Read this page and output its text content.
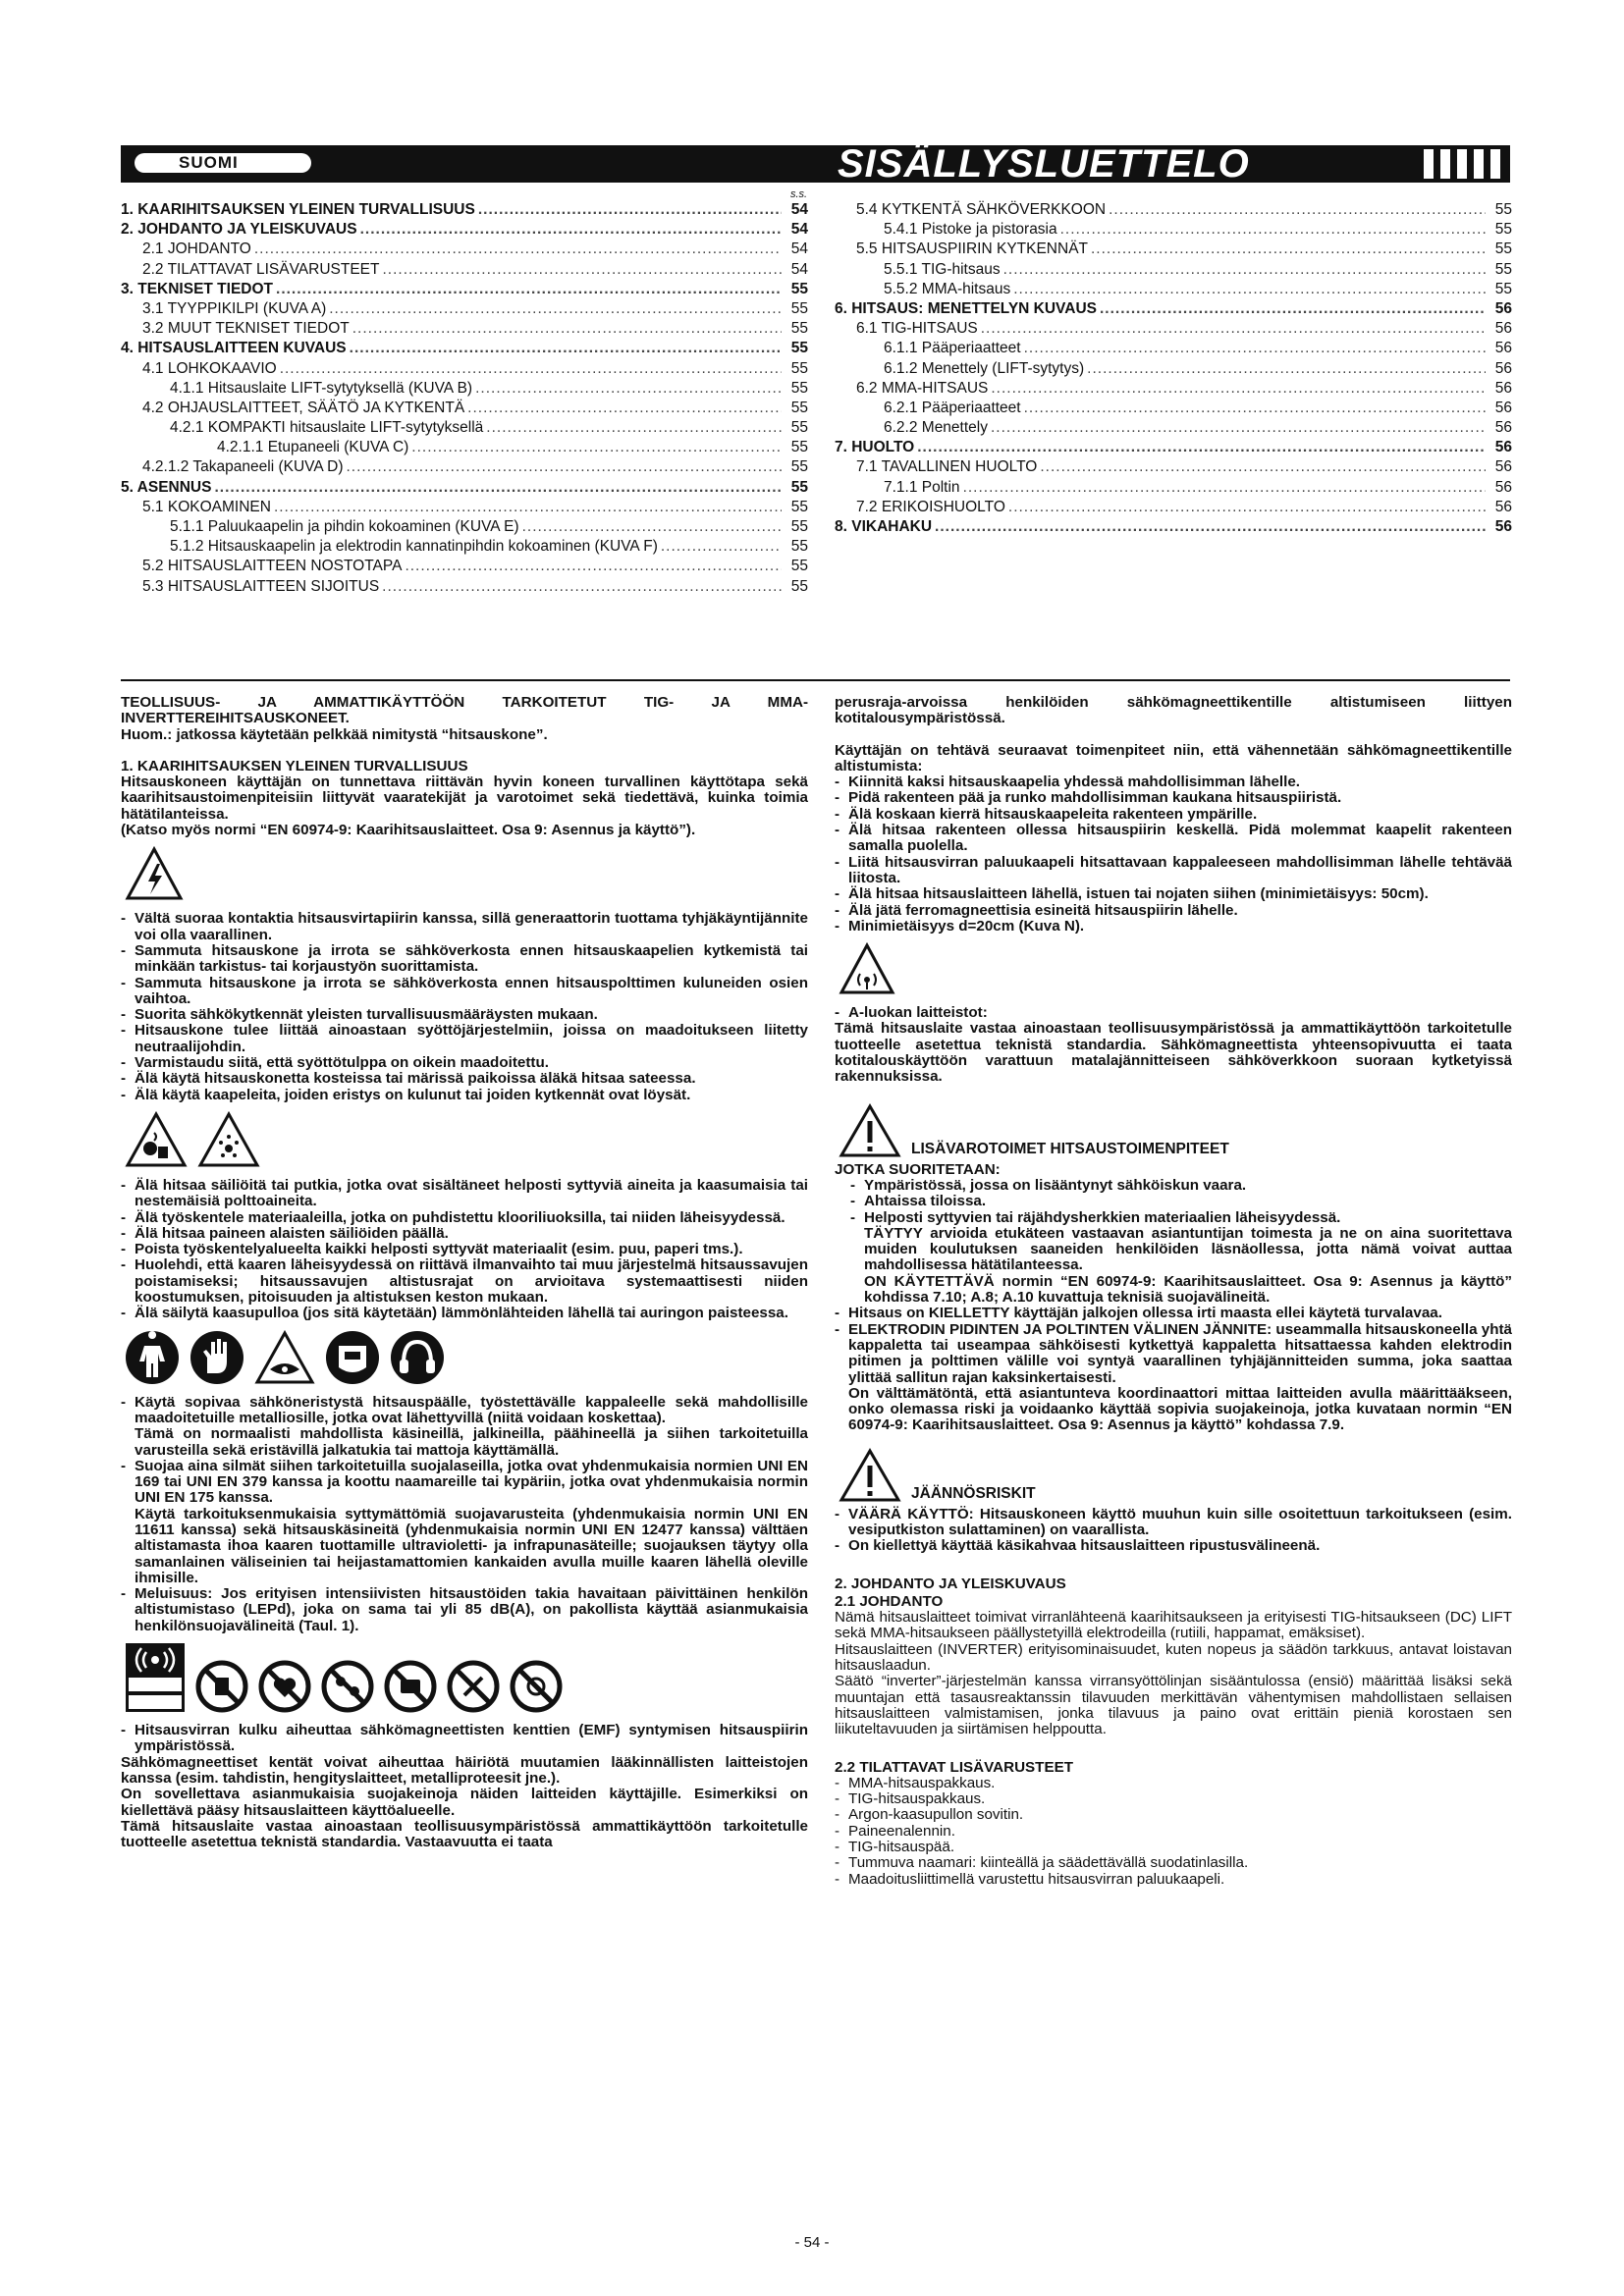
SUOMI	SISÄLLYSLUETTELO
s.s.
1. KAARIHITSAUKSEN YLEINEN TURVALLISUUS .....	54
2. JOHDANTO JA YLEISKUVAUS .....	54
2.1 JOHDANTO .....	54
2.2 TILATTAVAT LISÄVARUSTEET .....	54
3. TEKNISET TIEDOT .....	55
3.1 TYYPPIKILPI (KUVA A) .....	55
3.2 MUUT TEKNISET TIEDOT .....	55
4. HITSAUSLAITTEEN KUVAUS .....	55
4.1 LOHKOKAAVIO .....	55
4.1.1 Hitsauslaite LIFT-sytytyksellä (KUVA B) .....	55
4.2 OHJAUSLAITTEET, SÄÄTÖ JA KYTKENTÄ .....	55
4.2.1 KOMPAKTI hitsauslaite LIFT-sytytyksellä .....	55
4.2.1.1 Etupaneeli (KUVA C) .....	55
4.2.1.2 Takapaneeli (KUVA D) .....	55
5. ASENNUS .....	55
5.1 KOKOAMINEN .....	55
5.1.1 Paluukaapelin ja pihdin kokoaminen (KUVA E) .....	55
5.1.2 Hitsauskaapelin ja elektrodin kannatinpihdin kokoaminen (KUVA F) .....	55
5.2 HITSAUSLAITTEEN NOSTOTAPA .....	55
5.3 HITSAUSLAITTEEN SIJOITUS .....	55
5.4 KYTKENTÄ SÄHKÖVERKKOON .....	55
5.4.1 Pistoke ja pistorasia .....	55
5.5 HITSAUSPIIRIN KYTKENNÄT .....	55
5.5.1 TIG-hitsaus .....	55
5.5.2 MMA-hitsaus .....	55
6. HITSAUS: MENETTELYN KUVAUS .....	56
6.1 TIG-HITSAUS .....	56
6.1.1 Pääperiaatteet .....	56
6.1.2 Menettely (LIFT-sytytys) .....	56
6.2 MMA-HITSAUS .....	56
6.2.1 Pääperiaatteet .....	56
6.2.2 Menettely .....	56
7. HUOLTO .....	56
7.1 TAVALLINEN HUOLTO .....	56
7.1.1 Poltin .....	56
7.2 ERIKOISHUOLTO .....	56
8. VIKAHAKU .....	56

TEOLLISUUS- JA AMMATTIKÄYTTÖÖN TARKOITETUT TIG- JA MMA-INVERTTEREIHITSAUSKONEET.

Huom.: jatkossa käytetään pelkkää nimitystä “hitsauskone”.

1. KAARIHITSAUKSEN YLEINEN TURVALLISUUS

Hitsauskoneen käyttäjän on tunnettava riittävän hyvin koneen turvallinen käyttötapa sekä kaarihitsaustoimenpiteisiin liittyvät vaaratekijät ja varotoimet sekä tiedettävä, kuinka toimia hätätilanteissa.

(Katso myös normi “EN 60974-9: Kaarihitsauslaitteet. Osa 9: Asennus ja käyttö”).

- Vältä suoraa kontaktia hitsausvirtapiirin kanssa, sillä generaattorin tuottama tyhjäkäyntijännite voi olla vaarallinen.
- Sammuta hitsauskone ja irrota se sähköverkosta ennen hitsauskaapelien kytkemistä tai minkään tarkistus- tai korjaustyön suorittamista.
- Sammuta hitsauskone ja irrota se sähköverkosta ennen hitsauspolttimen kuluneiden osien vaihtoa.
- Suorita sähkökytkennät yleisten turvallisuusmääräysten mukaan.
- Hitsauskone tulee liittää ainoastaan syöttöjärjestelmiin, joissa on maadoitukseen liitetty neutraalijohdin.
- Varmistaudu siitä, että syöttötulppa on oikein maadoitettu.
- Älä käytä hitsauskonetta kosteissa tai märissä paikoissa äläkä hitsaa sateessa.
- Älä käytä kaapeleita, joiden eristys on kulunut tai joiden kytkennät ovat löysät.
- Älä hitsaa säiliöitä tai putkia, jotka ovat sisältäneet helposti syttyviä aineita ja kaasumaisia tai nestemäisiä polttoaineita.
- Älä työskentele materiaaleilla, jotka on puhdistettu klooriliuoksilla, tai niiden läheisyydessä.
- Älä hitsaa paineen alaisten säiliöiden päällä.
- Poista työskentelyalueelta kaikki helposti syttyvät materiaalit (esim. puu, paperi tms.).
- Huolehdi, että kaaren läheisyydessä on riittävä ilmanvaihto tai muu järjestelmä hitsaussavujen poistamiseksi; hitsaussavujen altistusrajat on arvioitava systemaattisesti niiden koostumuksen, pitoisuuden ja altistuksen keston mukaan.
- Älä säilytä kaasupulloa (jos sitä käytetään) lämmönlähteiden lähellä tai auringon paisteessa.
- Käytä sopivaa sähköneristystä hitsauspäälle, työstettävälle kappaleelle sekä mahdollisille maadoitetuille metalliosille, jotka ovat lähettyvillä (niitä voidaan koskettaa).
Tämä on normaalisti mahdollista käsineillä, jalkineilla, päähineellä ja siihen tarkoitetuilla varusteilla sekä eristävillä jalkatukia tai mattoja käyttämällä.
- Suojaa aina silmät siihen tarkoitetuilla suojalaseilla, jotka ovat yhdenmukaisia normien UNI EN 169 tai UNI EN 379 kanssa ja koottu naamareille tai kypäriin, jotka ovat yhdenmukaisia normin UNI EN 175 kanssa.
Käytä tarkoituksenmukaisia syttymättömiä suojavarusteita (yhdenmukaisia normin UNI EN 11611 kanssa) sekä hitsauskäsineitä (yhdenmukaisia normin UNI EN 12477 kanssa) välttäen altistamasta ihoa kaaren tuottamille ultravioletti- ja infrapunasäteille; suojauksen täytyy olla samanlainen väliseinien tai heijastamattomien kankaiden avulla muille kaaren lähellä oleville ihmisille.
- Meluisuus: Jos erityisen intensiivisten hitsaustöiden takia havaitaan päivittäinen henkilön altistumistaso (LEPd), joka on sama tai yli 85 dB(A), on pakollista käyttää asianmukaisia henkilönsuojavälineitä (Taul. 1).
- Hitsausvirran kulku aiheuttaa sähkömagneettisten kenttien (EMF) syntymisen hitsauspiirin ympäristössä.

Sähkömagneettiset kentät voivat aiheuttaa häiriötä muutamien lääkinnällisten laitteistojen kanssa (esim. tahdistin, hengityslaitteet, metalliproteesit jne.).

On sovellettava asianmukaisia suojakeinoja näiden laitteiden käyttäjille. Esimerkiksi on kiellettävä pääsy hitsauslaitteen käyttöalueelle.

Tämä hitsauslaite vastaa ainoastaan teollisuusympäristössä ammattikäyttöön tarkoitetulle tuotteelle asetettua teknistä standardia. Vastaavuutta ei taata

perusraja-arvoissa henkilöiden sähkömagneettikentille altistumiseen liittyen kotitalousympäristössä.

Käyttäjän on tehtävä seuraavat toimenpiteet niin, että vähennetään sähkömagneettikentille altistumista:

- Kiinnitä kaksi hitsauskaapelia yhdessä mahdollisimman lähelle.
- Pidä rakenteen pää ja runko mahdollisimman kaukana hitsauspiiristä.
- Älä koskaan kierrä hitsauskaapeleita rakenteen ympärille.
- Älä hitsaa rakenteen ollessa hitsauspiirin keskellä. Pidä molemmat kaapelit rakenteen samalla puolella.
- Liitä hitsausvirran paluukaapeli hitsattavaan kappaleeseen mahdollisimman lähelle tehtävää liitosta.
- Älä hitsaa hitsauslaitteen lähellä, istuen tai nojaten siihen (minimietäisyys: 50cm).
- Älä jätä ferromagneettisia esineitä hitsauspiirin lähelle.
- Minimietäisyys d=20cm (Kuva N).
- A-luokan laitteistot:

Tämä hitsauslaite vastaa ainoastaan teollisuusympäristössä ja ammattikäyttöön tarkoitetulle tuotteelle asetettua teknistä standardia. Sähkömagneettista yhteensopivuutta ei taata kotitalouskäyttöön varattuun matalajännitteiseen sähköverkkoon suoraan kytketyissä rakennuksissa.

LISÄVAROTOIMET HITSAUSTOIMENPITEET

JOTKA SUORITETAAN:

- Ympäristössä, jossa on lisääntynyt sähköiskun vaara.
- Ahtaissa tiloissa.
- Helposti syttyvien tai räjähdysherkkien materiaalien läheisyydessä.
TÄYTYY arvioida etukäteen vastaavan asiantuntijan toimesta ja ne on aina suoritettava muiden koulutuksen saaneiden henkilöiden läsnäollessa, jotta nämä voivat auttaa mahdollisessa hätätilanteessa.
ON KÄYTETTÄVÄ normin “EN 60974-9: Kaarihitsauslaitteet. Osa 9: Asennus ja käyttö” kohdissa 7.10; A.8; A.10 kuvattuja teknisiä suojavälineitä.
- Hitsaus on KIELLETTY käyttäjän jalkojen ollessa irti maasta ellei käytetä turvalavaa.
- ELEKTRODIN PIDINTEN JA POLTINTEN VÄLINEN JÄNNITE: useammalla hitsauskoneella yhtä kappaletta tai useampaa sähköisesti kytkettyä kappaletta hitsattaessa kahden elektrodin pitimen ja polttimen välille voi syntyä vaarallinen tyhjäjännitteiden summa, joka saattaa ylittää sallitun rajan kaksinkertaisesti.
On välttämätöntä, että asiantunteva koordinaattori mittaa laitteiden avulla määrittääkseen, onko olemassa riski ja voidaanko käyttää sopivia suojakeinoja, jotka kuvataan normin “EN 60974-9: Kaarihitsauslaitteet. Osa 9: Asennus ja käyttö” kohdassa 7.9.
JÄÄNNÖSRISKIT
- VÄÄRÄ KÄYTTÖ: Hitsauskoneen käyttö muuhun kuin sille osoitettuun tarkoitukseen (esim. vesiputkiston sulattaminen) on vaarallista.
- On kiellettyä käyttää käsikahvaa hitsauslaitteen ripustusvälineenä.

2. JOHDANTO JA YLEISKUVAUS

2.1 JOHDANTO

Nämä hitsauslaitteet toimivat virranlähteenä kaarihitsaukseen ja erityisesti TIG-hitsaukseen (DC) LIFT sekä MMA-hitsaukseen päällystetyillä elektrodeilla (rutiili, happamat, emäksiset).

Hitsauslaitteen (INVERTER) erityisominaisuudet, kuten nopeus ja säädön tarkkuus, antavat loistavan hitsauslaadun.

Säätö “inverter”-järjestelmän kanssa virransyöttölinjan sisääntulossa (ensiö) määrittää lisäksi sekä muuntajan että tasausreaktanssin tilavuuden merkittävän vähentymisen mahdollistaen sellaisen hitsauslaitteen valmistamisen, jonka tilavuus ja paino ovat erittäin pieniä korostaen sen liikuteltavuuden ja siirtämisen helppoutta.

2.2 TILATTAVAT LISÄVARUSTEET

- MMA-hitsauspakkaus.
- TIG-hitsauspakkaus.
- Argon-kaasupullon sovitin.
- Paineenalennin.
- TIG-hitsauspää.
- Tummuva naamari: kiinteällä ja säädettävällä suodatinlasilla.
- Maadoitusliittimellä varustettu hitsausvirran paluukaapeli.
- 54 -
